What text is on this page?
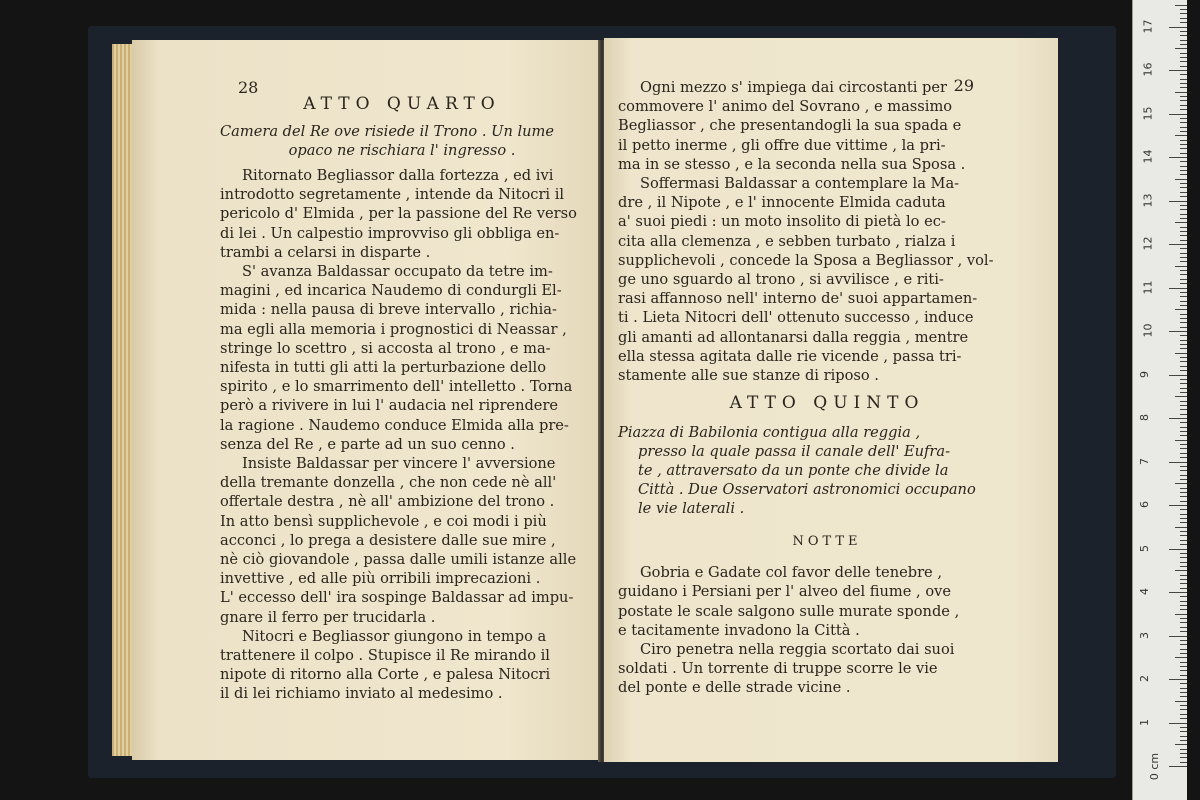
28
ATTO QUARTO
Camera del Re ove risiede il Trono . Un lume
opaco ne rischiara l' ingresso .
Ritornato Begliassor dalla fortezza , ed ivi
introdotto segretamente , intende da Nitocri il
pericolo d' Elmida , per la passione del Re verso
di lei . Un calpestio improvviso gli obbliga en-
trambi a celarsi in disparte .
S' avanza Baldassar occupato da tetre im-
magini , ed incarica Naudemo di condurgli El-
mida : nella pausa di breve intervallo , richia-
ma egli alla memoria i prognostici di Neassar ,
stringe lo scettro , si accosta al trono , e ma-
nifesta in tutti gli atti la perturbazione dello
spirito , e lo smarrimento dell' intelletto . Torna
però a rivivere in lui l' audacia nel riprendere
la ragione . Naudemo conduce Elmida alla pre-
senza del Re , e parte ad un suo cenno .
Insiste Baldassar per vincere l' avversione
della tremante donzella , che non cede nè all'
offertale destra , nè all' ambizione del trono .
In atto bensì supplichevole , e coi modi i più
acconci , lo prega a desistere dalle sue mire ,
nè ciò giovandole , passa dalle umili istanze alle
invettive , ed alle più orribili imprecazioni .
L' eccesso dell' ira sospinge Baldassar ad impu-
gnare il ferro per trucidarla .
Nitocri e Begliassor giungono in tempo a
trattenere il colpo . Stupisce il Re mirando il
nipote di ritorno alla Corte , e palesa Nitocri
il di lei richiamo inviato al medesimo .
29
Ogni mezzo s' impiega dai circostanti per
commovere l' animo del Sovrano , e massimo
Begliassor , che presentandogli la sua spada e
il petto inerme , gli offre due vittime , la pri-
ma in se stesso , e la seconda nella sua Sposa .
Soffermasi Baldassar a contemplare la Ma-
dre , il Nipote , e l' innocente Elmida caduta
a' suoi piedi : un moto insolito di pietà lo ec-
cita alla clemenza , e sebben turbato , rialza i
supplichevoli , concede la Sposa a Begliassor , vol-
ge uno sguardo al trono , si avvilisce , e riti-
rasi affannoso nell' interno de' suoi appartamen-
ti . Lieta Nitocri dell' ottenuto successo , induce
gli amanti ad allontanarsi dalla reggia , mentre
ella stessa agitata dalle rie vicende , passa tri-
stamente alle sue stanze di riposo .
ATTO QUINTO
Piazza di Babilonia contigua alla reggia ,
presso la quale passa il canale dell' Eufra-
te , attraversato da un ponte che divide la
Città . Due Osservatori astronomici occupano
le vie laterali .
NOTTE
Gobria e Gadate col favor delle tenebre ,
guidano i Persiani per l' alveo del fiume , ove
postate le scale salgono sulle murate sponde ,
e tacitamente invadono la Città .
Ciro penetra nella reggia scortato dai suoi
soldati . Un torrente di truppe scorre le vie
del ponte e delle strade vicine .
0 cm
1
2
3
4
5
6
7
8
9
10
11
12
13
14
15
16
17
